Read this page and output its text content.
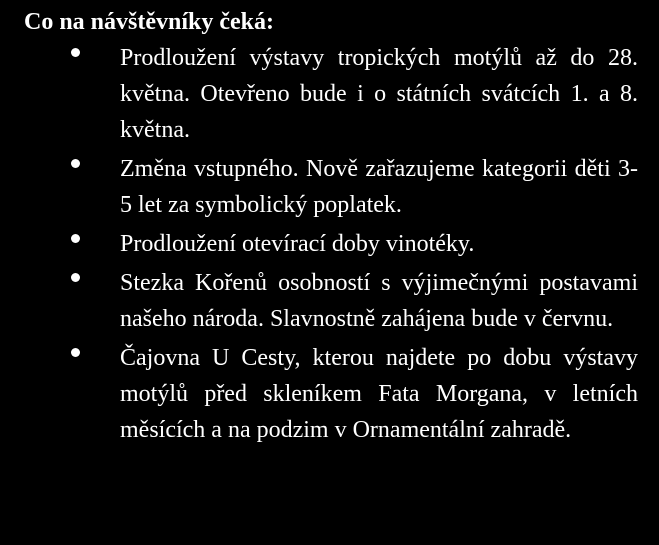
Co na návštěvníky čeká:
Prodloužení výstavy tropických motýlů až do 28. května. Otevřeno bude i o státních svátcích 1. a 8. května.
Změna vstupného. Nově zařazujeme kategorii děti 3-5 let za symbolický poplatek.
Prodloužení otevírací doby vinotéky.
Stezka Kořenů osobností s výjimečnými postavami našeho národa. Slavnostně zahájena bude v červnu.
Čajovna U Cesty, kterou najdete po dobu výstavy motýlů před skleníkem Fata Morgana, v letních měsících a na podzim v Ornamentální zahradě.
